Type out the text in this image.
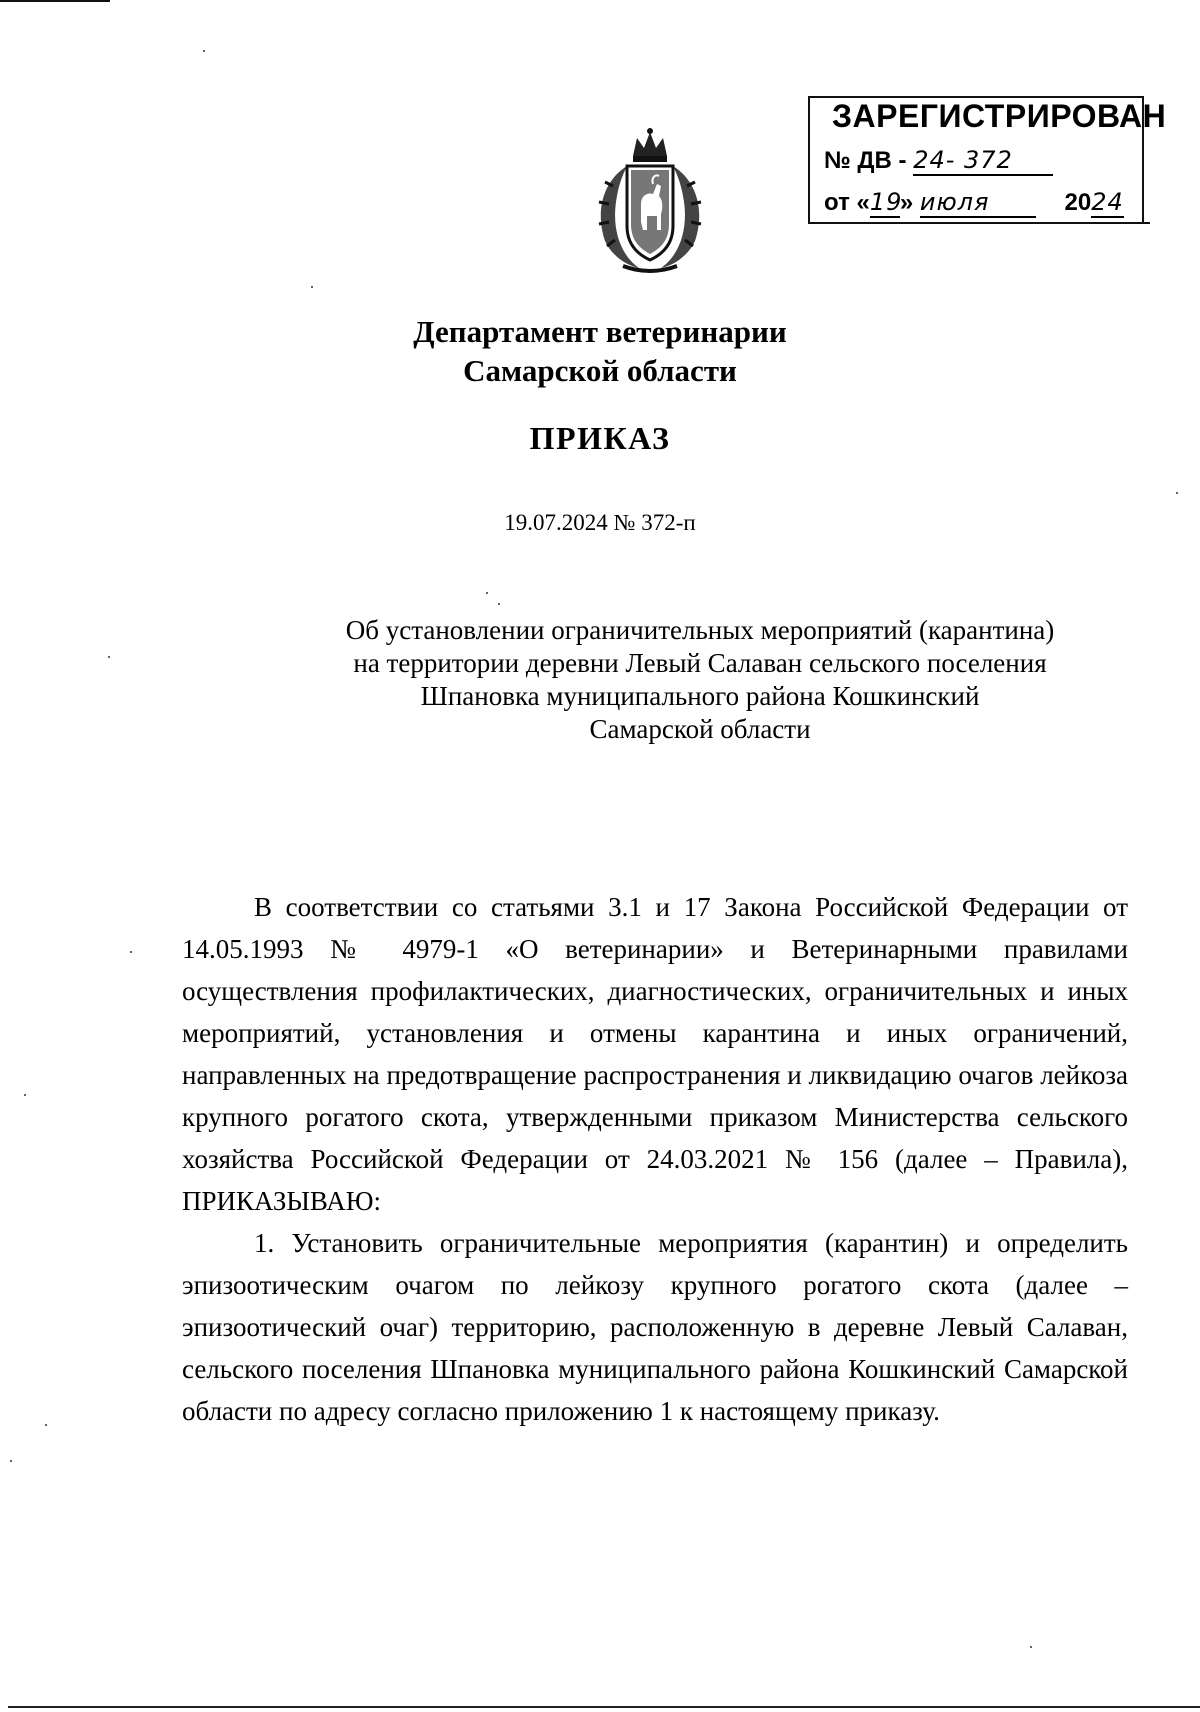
ЗАРЕГИСТРИРОВАН
№ ДВ - 24- 372
от «19» июля	2024
Департамент ветеринарии
Самарской области
ПРИКАЗ
19.07.2024 № 372-п
Об установлении ограничительных мероприятий (карантина)
на территории деревни Левый Салаван сельского поселения
Шпановка муниципального района Кошкинский
Самарской области

В соответствии со статьями 3.1 и 17 Закона Российской Федерации от 14.05.1993 № 4979-1 «О ветеринарии» и Ветеринарными правилами осуществления профилактических, диагностических, ограничительных и иных мероприятий, установления и отмены карантина и иных ограничений, направленных на предотвращение распространения и ликвидацию очагов лейкоза крупного рогатого скота, утвержденными приказом Министерства сельского хозяйства Российской Федерации от 24.03.2021 № 156 (далее – Правила), ПРИКАЗЫВАЮ:

1. Установить ограничительные мероприятия (карантин) и определить эпизоотическим очагом по лейкозу крупного рогатого скота (далее – эпизоотический очаг) территорию, расположенную в деревне Левый Салаван, сельского поселения Шпановка муниципального района Кошкинский Самарской области по адресу согласно приложению 1 к настоящему приказу.
